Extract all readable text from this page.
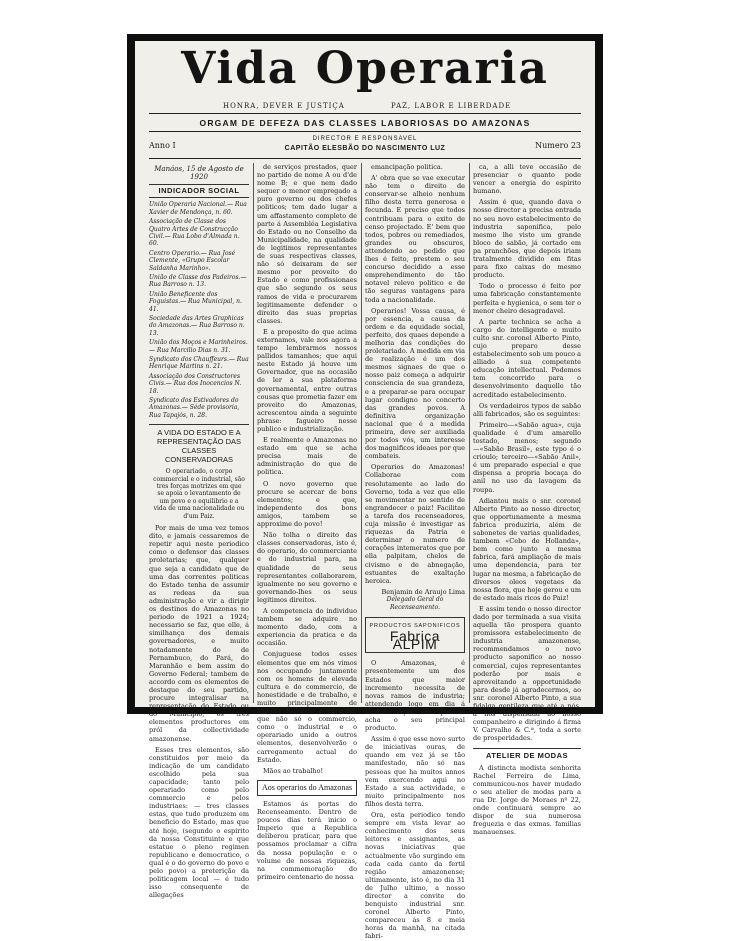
Vida Operaria
HONRA, DEVER E JUSTIÇA	PAZ, LABOR E LIBERDADE
ORGAM DE DEFEZA DAS CLASSES LABORIOSAS DO AMAZONAS
Anno I
DIRECTOR E RESPONSAVEL
CAPITÃO ELESBÃO DO NASCIMENTO LUZ	Numero 23
Manáos, 15 de Agosto de 1920
INDICADOR SOCIAL
União Operaria Nacional.— Rua Xavier de Mendonça, n. 60.
Associação de Classe dos Quatro Artes de Construcção Civil.— Rua Lobo d'Almada n. 60.
Centro Operario.— Rua José Clemente, «Grupo Escolar Saldanha Marinho».
União de Classe dos Padeiros.— Rua Barroso n. 13.
União Beneficente dos Foguistas.— Rua Municipal, n. 41.
Sociedade das Artes Graphicas do Amazonas.— Rua Barroso n. 13.
União dos Moços e Marinheiros.— Rua Marcilio Dias n. 31.
Syndicato dos Chauffeurs.— Rua Henrique Martins n. 21.
Associação dos Constructores Civis.— Rua dos Inocencios N. 18.
Syndicato dos Estivadores do Amazonas.— Séde provisoria, Rua Tapajós, n. 28.
A VIDA DO ESTADO E A REPRESENTAÇÃO DAS CLASSES CONSERVADORAS
O operariado, o corpo commercial e o industrial, são tres forças motrizes em que se apoia o levantamento de um povo e o equilibrio e a vida de uma nacionalidade ou d'um Paiz.

Por mais de uma vez temos dito, e jamais cessaremos de repetir aqui neste periodico como o defensor das classes proletarias; que, qualquer que seja a candidato que de uma das correntes politicas do Estado tenha de assumir as redeas da sua administração e vir a dirigir os destinos do Amazonas no periodo de 1921 a 1924; necessario se faz, que elle, á similhança dos demais governadores, e muito notadamente do de Pernambuco, do Pará, do Maranhão e bem assim do Governo Federal; tambem de accordo com os elementos de destaque do seu partido, procure integralisar na representação do Estado ou do Municipio, os tres elementos productores em pról da collectividade amazonense.

Esses tres elementos, são constituidos por meio da indicação de um candidato escolhido pela sua capacidade; tanto pelo operariado como pelo commercio e pelos industriaes: — tres classes estas, que tudo produzem em beneficio do Estado, mas que até hoje, (segundo o espirito da nossa Constituinte e que estatue o pleno regimen republicano e democratico, o qual é o do governo do povo e pelo povo) a preterição da politicagem local — é tudo isso consequente de allegações

de serviços prestados, quer no partido de nome A ou d'de nome B; e que nem dado sequer o menor empregado a puro governo ou dos chefes politicos; tem dado lugar a um affastamento completo de parte á Assembléa Legislativa do Estado ou no Conselho da Municipalidade, na qualidade de legitimos representantes de suas respectivas classes, não só deixaram de ser mesmo por proveito do Estado e como profissionaes que são segundo os seus ramos de vida e procurarem legitimamente defender o direito das suas proprias classes.

E a proposito do que acima externamos, vale nos agora a tempo lembrarmos nossos pallidos tamanhos; que aqui neste Estado já houve um Governador, que na occasião de ler a sua plataforma governamental, entre outras cousas que prometia fazer em proveito do Amazonas, acrescentou ainda a seguinte phrase: fagueiro nesse publico e industrialização.

E realmente o Amazonas no estado em que se acha precisa mais de administração do que de politica.

O novo governo que procure se acercar de bons elementos; e que, independente dos bons amigos, tambem se approxime do povo!

Não tolha o direito das classes conservadoras, isto é, do operario, do commerciante e do industrial para, na qualidade de seus representantes collaborarem, igualmente no seu governo e governando-lhes os seus legitimos direitos.

A competencia do individuo tambem se adquire no momento dado, com a experiencia da pratica e da occasião.

Conjuguese todos esses elementos que em nós vimos nos occupando juntamente com os homens de elevada cultura e do commercio, de honestidade e de trabalho, e muito principalmente de sincera lealdade e caracter, que não só o commercio, como o industrial e o operariado unido a outros elementos, desenvolverão o carregamento actual do Estado.

Mãos ao trabalho!

Aos operarios do Amazonas

Estamos ás portas do Recenseamento. Dentro de poucos dias terá inicio o Imperio que a Republica deliberou praticar, para que possamos proclamar a cifra da nossa população e o volume de nossas riquezas, na commemoração do primeiro centenario de nossa

emancipação politica.

A' obra que se vae executar não tem o direito de conservar-se alheio nenhum filho desta terra generosa e fecunda. E preciso que todos contribuam para o exito de censo projectado. E' bem que todos, pobres ou remediados, grandes ou obscuros, attendendo ao pedido que lhes é feito, prestem o seu concurso decidido a esse emprehendimento de tão notavel relevo politico e de tão seguras vantagens para toda a nacionalidade.

Operarios! Vossa causa, é por essencia, a causa da ordem e da equidade social, perfeito, dos quaes depende a melhoria das condições do proletariado. A medida em via de realização é um dos mesmos signaes de que o nosso paiz começa a adquirir consciencia de sua grandeza, e a preparar-se para occupar lugar condigno no concerto das grandes povos. A definitiva organização nacional que é a medida primeira, deve ser auxiliada por todos vós, um interesse dos magnificos ideaes por que combateis.

Operarios do Amazonas! Collaborae com resolutamente ao lado do Governo, toda a vez que elle se movimentar no sentido de engrandecer o paiz! Facilitae a tarefa dos recenseadores, cuja missão é investigar as riquezas da Patria e determinar o numero de corações intemeratos que por ella palpitam, chelos de civismo e de abnegação, estuantes de exaltação heroica.

Benjamin de Araujo Lima
Delegado Geral do Recenseamento.
PRODUCTOS SAPONIFICOS
Fabrica ALPIM

O Amazonas, é presentemente um dos Estados que maior incremento necessita de novas ramos de industria; attendendo logo em dia á desvalorisação em que se acha o seu principal producto.

Assim é que esse novo surto de iniciativas ouras, de quando em vez já se tão manifestado, não só nas pessoas que ha muitos annos vem exercendo aqui no Estado a sua actividade, e muito principalmente nos filhos desta terra.

Ora, esta periodico tendo sempre em vista levar ao conhecimento dos seus leitores e assignantes, as novas iniciativas que actualmente vão surgindo em cada cada canto da fertil região amazonense; ultimamente, isto é, no dia 31 de Julho ultimo, a nosso director a convite do benquisto industrial snr. coronel Alberto Pinto, compareceu ás 8 e meia horas da manhã, na citada fabri-

ca, a alli teve occasião de presenciar o quanto pode vencer a energia do espirito humano.

Assim é que, quando dava o nosso director a precisa entrada no seu novo estabelecimento de industria saponifica, pelo mesmo lhe visto um grande bloco de sabão, já cortado em pa pranchões, que depois iriam tratalmente dividido em fitas para fixo caixas do mesmo producto.

Todo o processo é feito por uma fabricação constantemente perfeita e hygienica, o sem ter o menor cheiro desagradavel.

A parte technica se acha a cargo do intelligente e muito culto snr. coronel Alberto Pinto, cujo preparo desse estabelecimento sob um pouco a alliado á sua competente educação intellectual. Podemos tem concorrido para o desenvolvimento daquelle tão acreditado estabelecimento.

Os verdadeiros typos de sabão alli fabricados, são os seguintes:

Primeiro—«Sabão agua», cuja qualidade é d'um amarello tostado, menos; segundo—«Sabão Brasil», este typo é o crioulo; terceiro—«Sabão Anil», é um preparado especial e que dispensa a propria bocaça do anil no uso da lavagem da roupa.

Adiantou mais o snr. coronel Alberto Pinto ao nosso director, que opportunamente a mesma fabrica produziria, além de sabonetes de varias qualidades, tambem «Cebo de Hollanda», bem como junto a mesma fabrica, fará ampliação de mais uma dependencia, para ter lugar na mesma, a fabricação de diversos oleos vegetaes da nossa flora, que hoje gerou e um de estado mais ricos do Paiz!

E assim tendo o nosso director dado por terminada a sua visita aquella tão prospera quanto promissora estabelecimento de industria amazonense, recommendamos o novo producto saponifico ao nosso comercial, cujos representantes poderão por mais e aproveitando a opportunidade para desde já agradecermos, ao snr. coronel Alberto Pinto, a sua fidalga gentileza que até a nós, á nós dispensada ao nosso companheiro e dirigindo á firma V. Carvalho & C.ª, toda a sorte de prosperidades.

ATELIER DE MODAS

A distincta modista senhorita Rachel Ferreira de Lima, communicou-nos haver mudado o seu atelier de modas para a rua Dr. Jorge de Moraes nº 22, onde continuará sempre ao dispor de sua numerosa freguezia e das exmas. familias manauenses.
